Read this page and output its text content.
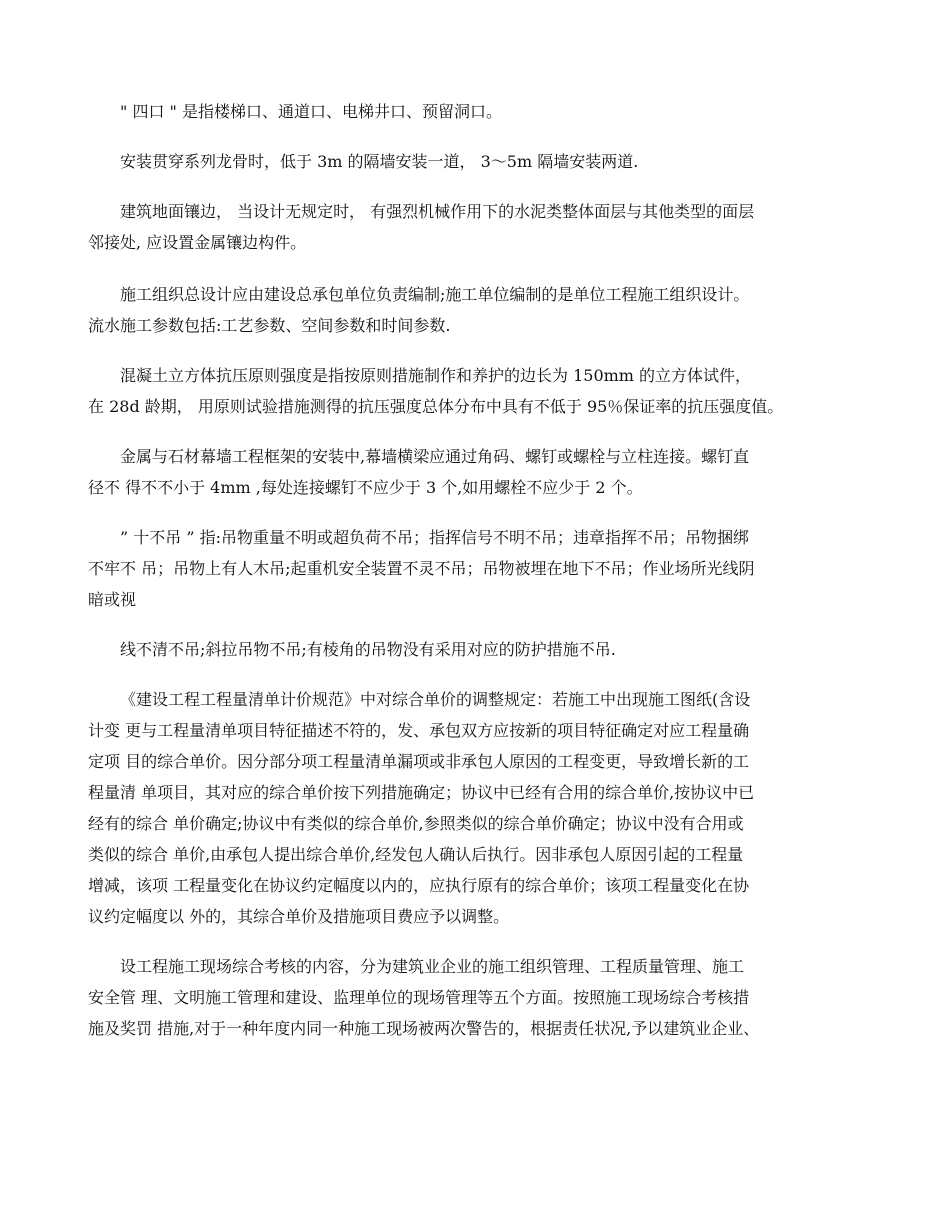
" 四口 " 是指楼梯口、通道口、电梯井口、预留洞口。

安装贯穿系列龙骨时，低于 3m 的隔墙安装一道， 3～5m 隔墙安装两道.

建筑地面镶边， 当设计无规定时， 有强烈机械作用下的水泥类整体面层与其他类型的面层
邻接处, 应设置金属镶边构件。

施工组织总设计应由建设总承包单位负责编制;施工单位编制的是单位工程施工组织设计。
流水施工参数包括:工艺参数、空间参数和时间参数.

混凝土立方体抗压原则强度是指按原则措施制作和养护的边长为 150mm 的立方体试件，
在 28d 龄期， 用原则试验措施测得的抗压强度总体分布中具有不低于 95％保证率的抗压强度值。

金属与石材幕墙工程框架的安装中,幕墙横梁应通过角码、螺钉或螺栓与立柱连接。螺钉直
径不 得不不小于 4mm ,每处连接螺钉不应少于 3 个,如用螺栓不应少于 2 个。

” 十不吊 ” 指:吊物重量不明或超负荷不吊；指挥信号不明不吊；违章指挥不吊；吊物捆绑
不牢不 吊；吊物上有人木吊;起重机安全装置不灵不吊；吊物被埋在地下不吊；作业场所光线阴
暗或视

线不清不吊;斜拉吊物不吊;有棱角的吊物没有采用对应的防护措施不吊.

《建设工程工程量清单计价规范》中对综合单价的调整规定：若施工中出现施工图纸(含设
计变 更与工程量清单项目特征描述不符的，发、承包双方应按新的项目特征确定对应工程量确
定项 目的综合单价。因分部分项工程量清单漏项或非承包人原因的工程变更，导致增长新的工
程量清 单项目，其对应的综合单价按下列措施确定；协议中已经有合用的综合单价,按协议中已
经有的综合 单价确定;协议中有类似的综合单价,参照类似的综合单价确定；协议中没有合用或
类似的综合 单价,由承包人提出综合单价,经发包人确认后执行。因非承包人原因引起的工程量
增减，该项 工程量变化在协议约定幅度以内的，应执行原有的综合单价；该项工程量变化在协
议约定幅度以 外的，其综合单价及措施项目费应予以调整。

设工程施工现场综合考核的内容，分为建筑业企业的施工组织管理、工程质量管理、施工
安全管 理、文明施工管理和建设、监理单位的现场管理等五个方面。按照施工现场综合考核措
施及奖罚 措施,对于一种年度内同一种施工现场被两次警告的，根据责任状况,予以建筑业企业、
